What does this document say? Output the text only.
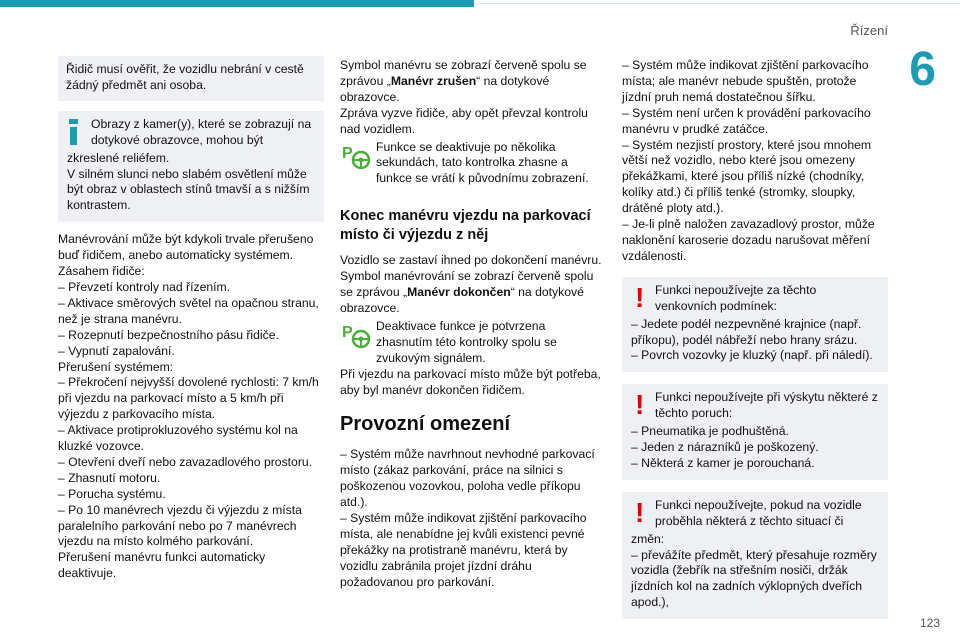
Řízení
6
123

Řidič musí ověřit, že vozidlu nebrání v cestě žádný předmět ani osoba.

Obrazy z kamer(y), které se zobrazují na dotykové obrazovce, mohou být

zkreslené reliéfem.

V silném slunci nebo slabém osvětlení může být obraz v oblastech stínů tmavší a s nižším kontrastem.

Manévrování může být kdykoli trvale přerušeno buď řidičem, anebo automaticky systémem.

Zásahem řidiče:

– Převzetí kontroly nad řízením.

– Aktivace směrových světel na opačnou stranu, než je strana manévru.

– Rozepnutí bezpečnostního pásu řidiče.

– Vypnutí zapalování.

Přerušení systémem:

– Překročení nejvyšší dovolené rychlosti: 7 km/h při vjezdu na parkovací místo a 5 km/h při výjezdu z parkovacího místa.

– Aktivace protiprokluzového systému kol na kluzké vozovce.

– Otevření dveří nebo zavazadlového prostoru.

– Zhasnutí motoru.

– Porucha systému.

– Po 10 manévrech vjezdu či výjezdu z místa paralelního parkování nebo po 7 manévrech vjezdu na místo kolmého parkování.

Přerušení manévru funkci automaticky deaktivuje.

Symbol manévru se zobrazí červeně spolu se zprávou „Manévr zrušen“ na dotykové obrazovce.

Zpráva vyzve řidiče, aby opět převzal kontrolu nad vozidlem.

P Funkce se deaktivuje po několika sekundách, tato kontrolka zhasne a funkce se vrátí k původnímu zobrazení.

Konec manévru vjezdu na parkovací místo či výjezdu z něj

Vozidlo se zastaví ihned po dokončení manévru.

Symbol manévrování se zobrazí červeně spolu se zprávou „Manévr dokončen“ na dotykové obrazovce.

P Deaktivace funkce je potvrzena zhasnutím této kontrolky spolu se zvukovým signálem.

Při vjezdu na parkovací místo může být potřeba, aby byl manévr dokončen řidičem.

Provozní omezení

– Systém může navrhnout nevhodné parkovací místo (zákaz parkování, práce na silnici s poškozenou vozovkou, poloha vedle příkopu atd.).

– Systém může indikovat zjištění parkovacího místa, ale nenabídne jej kvůli existenci pevné překážky na protistraně manévru, která by vozidlu zabránila projet jízdní dráhu požadovanou pro parkování.

– Systém může indikovat zjištění parkovacího místa; ale manévr nebude spuštěn, protože jízdní pruh nemá dostatečnou šířku.

– Systém není určen k provádění parkovacího manévru v prudké zatáčce.

– Systém nezjistí prostory, které jsou mnohem větší než vozidlo, nebo které jsou omezeny překážkami, které jsou příliš nízké (chodníky, kolíky atd.) či příliš tenké (stromky, sloupky, drátěné ploty atd.).

– Je-li plně naložen zavazadlový prostor, může naklonění karoserie dozadu narušovat měření vzdálenosti.

! Funkci nepoužívejte za těchto venkovních podmínek:

– Jedete podél nezpevněné krajnice (např. příkopu), podél nábřeží nebo hrany srázu.

– Povrch vozovky je kluzký (např. při náledí).

! Funkci nepoužívejte při výskytu některé z těchto poruch:

– Pneumatika je podhuštěná.

– Jeden z nárazníků je poškozený.

– Některá z kamer je porouchaná.

! Funkci nepoužívejte, pokud na vozidle proběhla některá z těchto situací či

změn:

– převážíte předmět, který přesahuje rozměry vozidla (žebřík na střešním nosiči, držák jízdních kol na zadních výklopných dveřích apod.),
